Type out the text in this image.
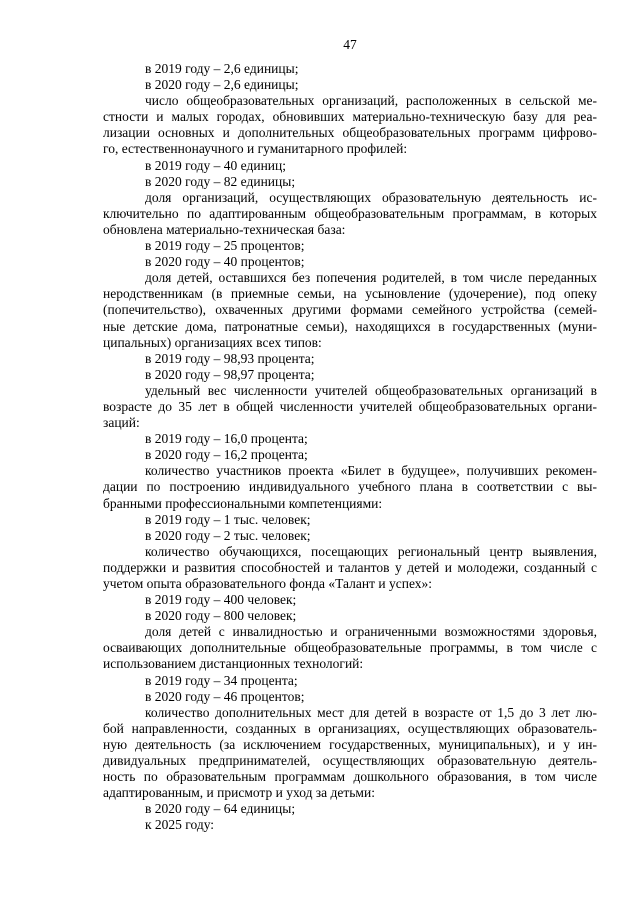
47
в 2019 году – 2,6 единицы;
в 2020 году – 2,6 единицы;
число общеобразовательных организаций, расположенных в сельской ме-
стности и малых городах, обновивших материально-техническую базу для реа-
лизации основных и дополнительных общеобразовательных программ цифрово-
го, естественнонаучного и гуманитарного профилей:
в 2019 году – 40 единиц;
в 2020 году – 82 единицы;
доля организаций, осуществляющих образовательную деятельность ис-
ключительно по адаптированным общеобразовательным программам, в которых
обновлена материально-техническая база:
в 2019 году – 25 процентов;
в 2020 году – 40 процентов;
доля детей, оставшихся без попечения родителей, в том числе переданных
неродственникам (в приемные семьи, на усыновление (удочерение), под опеку
(попечительство), охваченных другими формами семейного устройства (семей-
ные детские дома, патронатные семьи), находящихся в государственных (муни-
ципальных) организациях всех типов:
в 2019 году – 98,93 процента;
в 2020 году – 98,97 процента;
удельный вес численности учителей общеобразовательных организаций в
возрасте до 35 лет в общей численности учителей общеобразовательных органи-
заций:
в 2019 году – 16,0 процента;
в 2020 году – 16,2 процента;
количество участников проекта «Билет в будущее», получивших рекомен-
дации по построению индивидуального учебного плана в соответствии с вы-
бранными профессиональными компетенциями:
в 2019 году – 1 тыс. человек;
в 2020 году – 2 тыс. человек;
количество обучающихся, посещающих региональный центр выявления,
поддержки и развития способностей и талантов у детей и молодежи, созданный с
учетом опыта образовательного фонда «Талант и успех»:
в 2019 году – 400 человек;
в 2020 году – 800 человек;
доля детей с инвалидностью и ограниченными возможностями здоровья,
осваивающих дополнительные общеобразовательные программы, в том числе с
использованием дистанционных технологий:
в 2019 году – 34 процента;
в 2020 году – 46 процентов;
количество дополнительных мест для детей в возрасте от 1,5 до 3 лет лю-
бой направленности, созданных в организациях, осуществляющих образователь-
ную деятельность (за исключением государственных, муниципальных), и у ин-
дивидуальных предпринимателей, осуществляющих образовательную деятель-
ность по образовательным программам дошкольного образования, в том числе
адаптированным, и присмотр и уход за детьми:
в 2020 году – 64 единицы;
к 2025 году:
